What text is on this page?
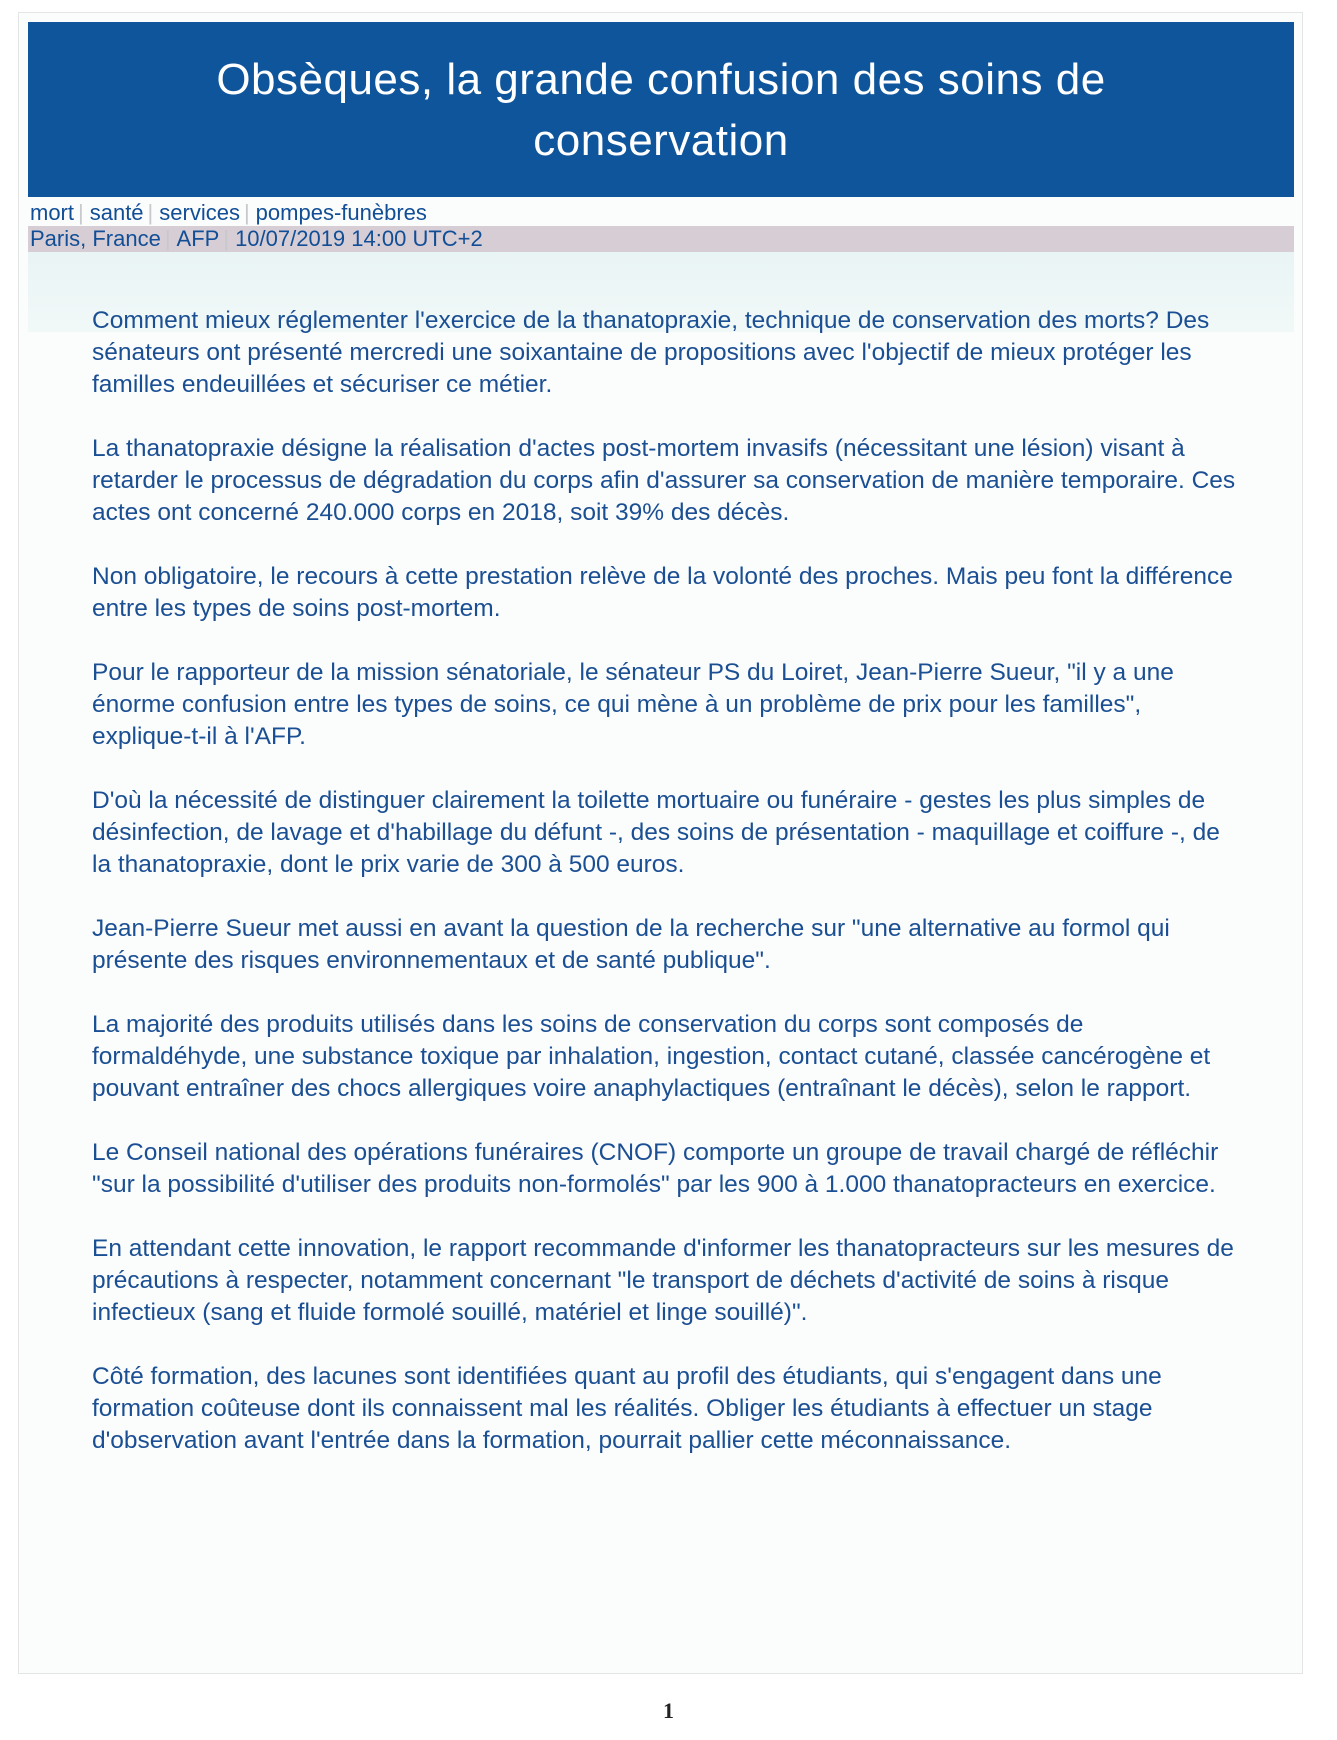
Obsèques, la grande confusion des soins de conservation
mort | santé | services | pompes-funèbres
Paris, France | AFP | 10/07/2019 14:00 UTC+2

Comment mieux réglementer l'exercice de la thanatopraxie, technique de conservation des morts? Des sénateurs ont présenté mercredi une soixantaine de propositions avec l'objectif de mieux protéger les familles endeuillées et sécuriser ce métier.

La thanatopraxie désigne la réalisation d'actes post-mortem invasifs (nécessitant une lésion) visant à retarder le processus de dégradation du corps afin d'assurer sa conservation de manière temporaire. Ces actes ont concerné 240.000 corps en 2018, soit 39% des décès.

Non obligatoire, le recours à cette prestation relève de la volonté des proches. Mais peu font la différence entre les types de soins post-mortem.

Pour le rapporteur de la mission sénatoriale, le sénateur PS du Loiret, Jean-Pierre Sueur, "il y a une énorme confusion entre les types de soins, ce qui mène à un problème de prix pour les familles", explique-t-il à l'AFP.

D'où la nécessité de distinguer clairement la toilette mortuaire ou funéraire - gestes les plus simples de désinfection, de lavage et d'habillage du défunt -, des soins de présentation - maquillage et coiffure -, de la thanatopraxie, dont le prix varie de 300 à 500 euros.

Jean-Pierre Sueur met aussi en avant la question de la recherche sur "une alternative au formol qui présente des risques environnementaux et de santé publique".

La majorité des produits utilisés dans les soins de conservation du corps sont composés de formaldéhyde, une substance toxique par inhalation, ingestion, contact cutané, classée cancérogène et pouvant entraîner des chocs allergiques voire anaphylactiques (entraînant le décès), selon le rapport.

Le Conseil national des opérations funéraires (CNOF) comporte un groupe de travail chargé de réfléchir "sur la possibilité d'utiliser des produits non-formolés" par les 900 à 1.000 thanatopracteurs en exercice.

En attendant cette innovation, le rapport recommande d'informer les thanatopracteurs sur les mesures de précautions à respecter, notamment concernant "le transport de déchets d'activité de soins à risque infectieux (sang et fluide formolé souillé, matériel et linge souillé)".

Côté formation, des lacunes sont identifiées quant au profil des étudiants, qui s'engagent dans une formation coûteuse dont ils connaissent mal les réalités. Obliger les étudiants à effectuer un stage d'observation avant l'entrée dans la formation, pourrait pallier cette méconnaissance.

1
